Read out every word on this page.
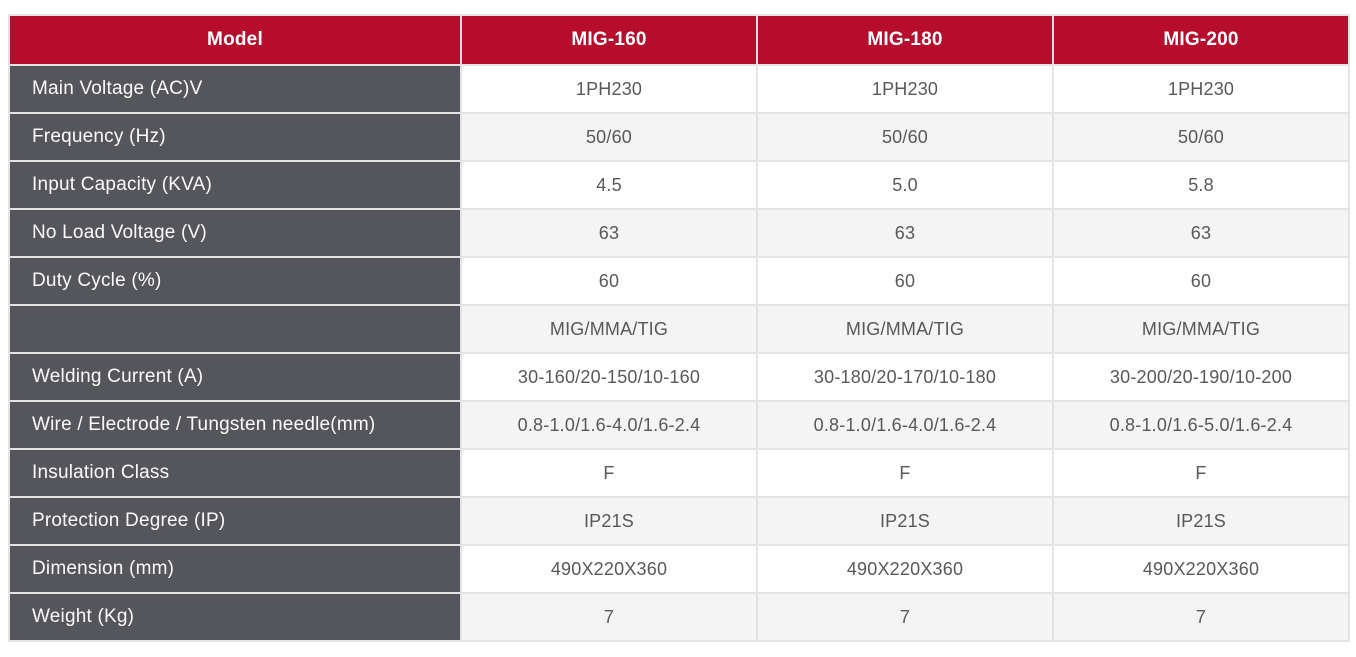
Model	MIG-160	MIG-180	MIG-200
Main Voltage (AC)V	1PH230	1PH230	1PH230
Frequency (Hz)	50/60	50/60	50/60
Input Capacity (KVA)	4.5	5.0	5.8
No Load Voltage (V)	63	63	63
Duty Cycle (%)	60	60	60
	MIG/MMA/TIG	MIG/MMA/TIG	MIG/MMA/TIG
Welding Current (A)	30-160/20-150/10-160	30-180/20-170/10-180	30-200/20-190/10-200
Wire / Electrode / Tungsten needle(mm)	0.8-1.0/1.6-4.0/1.6-2.4	0.8-1.0/1.6-4.0/1.6-2.4	0.8-1.0/1.6-5.0/1.6-2.4
Insulation Class	F	F	F
Protection Degree (IP)	IP21S	IP21S	IP21S
Dimension (mm)	490X220X360	490X220X360	490X220X360
Weight (Kg)	7	7	7
